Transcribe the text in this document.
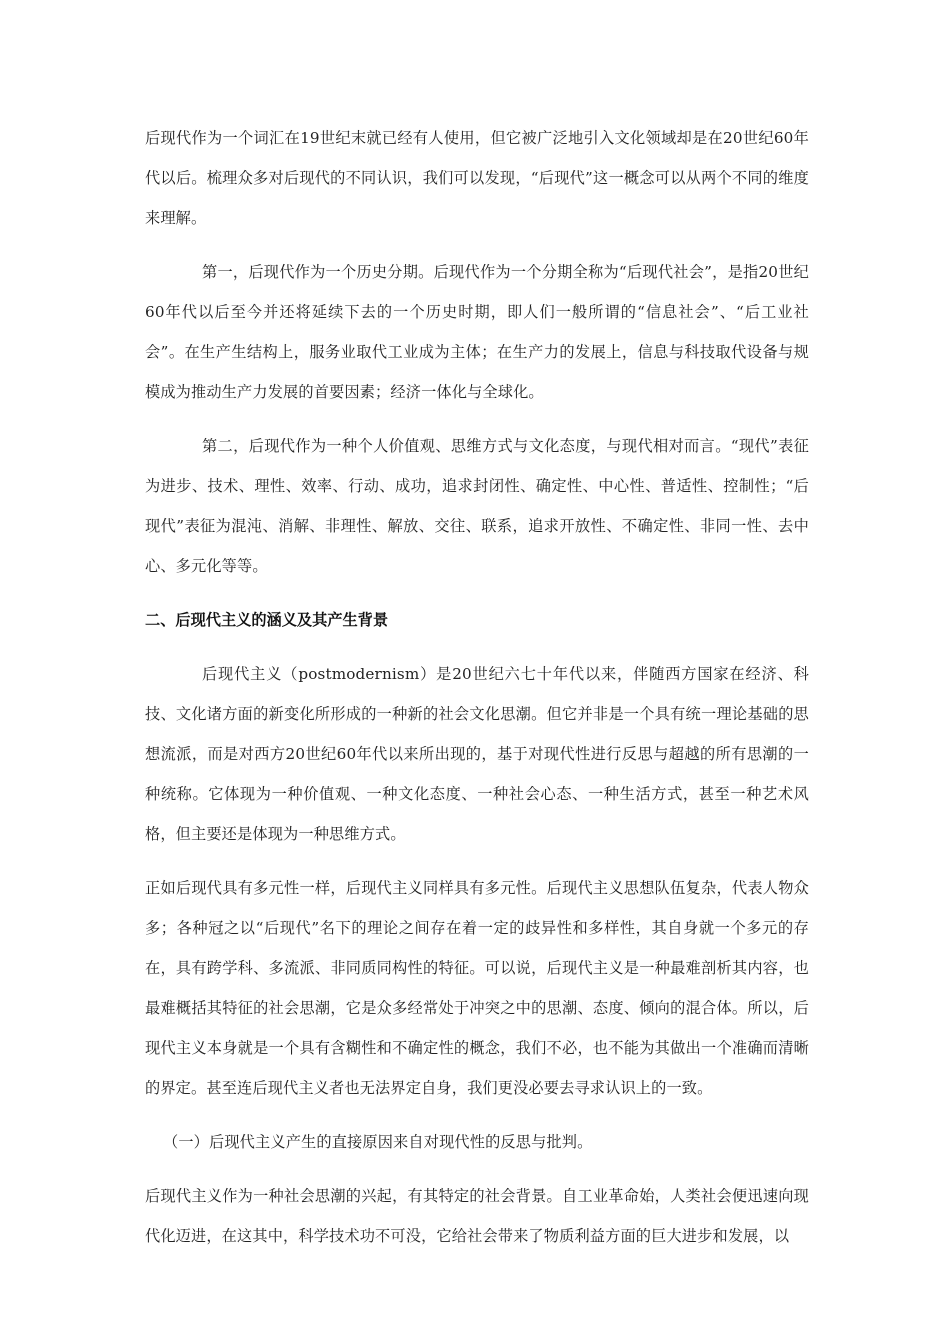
后现代作为一个词汇在19世纪末就已经有人使用，但它被广泛地引入文化领域却是在20世纪60年代以后。梳理众多对后现代的不同认识，我们可以发现，“后现代”这一概念可以从两个不同的维度来理解。

第一，后现代作为一个历史分期。后现代作为一个分期全称为“后现代社会”，是指20世纪60年代以后至今并还将延续下去的一个历史时期，即人们一般所谓的“信息社会”、“后工业社会”。在生产生结构上，服务业取代工业成为主体；在生产力的发展上，信息与科技取代设备与规模成为推动生产力发展的首要因素；经济一体化与全球化。

第二，后现代作为一种个人价值观、思维方式与文化态度，与现代相对而言。“现代”表征为进步、技术、理性、效率、行动、成功，追求封闭性、确定性、中心性、普适性、控制性；“后现代”表征为混沌、消解、非理性、解放、交往、联系，追求开放性、不确定性、非同一性、去中心、多元化等等。

二、后现代主义的涵义及其产生背景

后现代主义（postmodernism）是20世纪六七十年代以来，伴随西方国家在经济、科技、文化诸方面的新变化所形成的一种新的社会文化思潮。但它并非是一个具有统一理论基础的思想流派，而是对西方20世纪60年代以来所出现的，基于对现代性进行反思与超越的所有思潮的一种统称。它体现为一种价值观、一种文化态度、一种社会心态、一种生活方式，甚至一种艺术风格，但主要还是体现为一种思维方式。

正如后现代具有多元性一样，后现代主义同样具有多元性。后现代主义思想队伍复杂，代表人物众多；各种冠之以“后现代”名下的理论之间存在着一定的歧异性和多样性，其自身就一个多元的存在，具有跨学科、多流派、非同质同构性的特征。可以说，后现代主义是一种最难剖析其内容，也最难概括其特征的社会思潮，它是众多经常处于冲突之中的思潮、态度、倾向的混合体。所以，后现代主义本身就是一个具有含糊性和不确定性的概念，我们不必，也不能为其做出一个准确而清晰的界定。甚至连后现代主义者也无法界定自身，我们更没必要去寻求认识上的一致。

（一）后现代主义产生的直接原因来自对现代性的反思与批判。

后现代主义作为一种社会思潮的兴起，有其特定的社会背景。自工业革命始，人类社会便迅速向现代化迈进，在这其中，科学技术功不可没，它给社会带来了物质利益方面的巨大进步和发展，以
